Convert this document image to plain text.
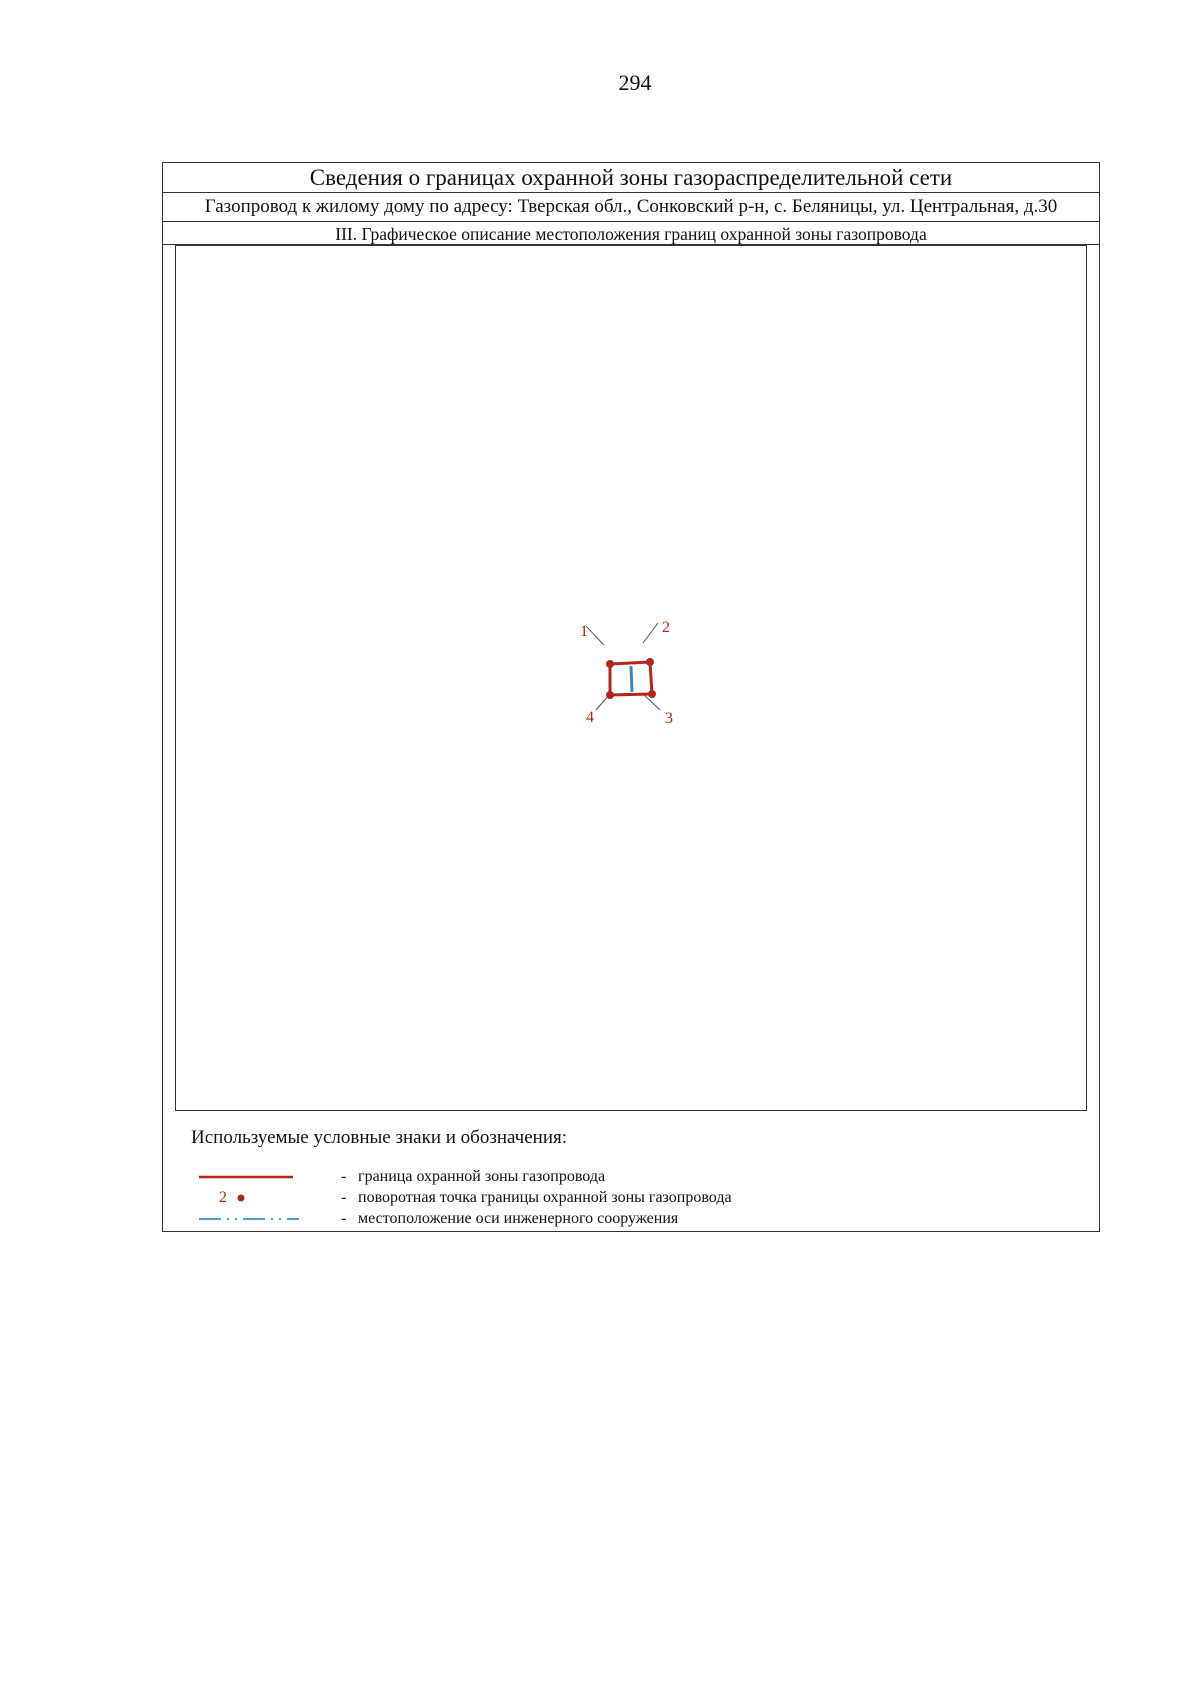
294
Сведения о границах охранной зоны газораспределительной сети
Газопровод к жилому дому по адресу: Тверская обл., Сонковский р-н, с. Беляницы, ул. Центральная, д.30
III. Графическое описание местоположения границ охранной зоны газопровода
1	2
3
4
Используемые условные знаки и обозначения:
- граница охранной зоны газопровода
2	- поворотная точка границы охранной зоны газопровода
- местоположение оси инженерного сооружения
